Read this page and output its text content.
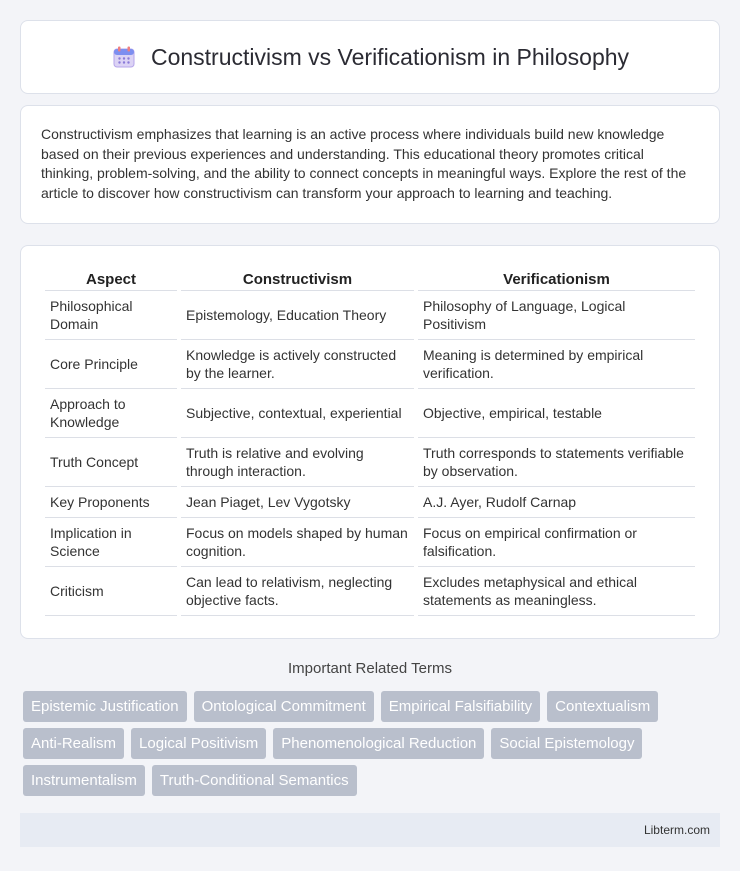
Constructivism vs Verificationism in Philosophy

Constructivism emphasizes that learning is an active process where individuals build new knowledge based on their previous experiences and understanding. This educational theory promotes critical thinking, problem-solving, and the ability to connect concepts in meaningful ways. Explore the rest of the article to discover how constructivism can transform your approach to learning and teaching.

Aspect	Constructivism	Verificationism
Philosophical Domain	Epistemology, Education Theory	Philosophy of Language, Logical Positivism
Core Principle	Knowledge is actively constructed by the learner.	Meaning is determined by empirical verification.
Approach to Knowledge	Subjective, contextual, experiential	Objective, empirical, testable
Truth Concept	Truth is relative and evolving through interaction.	Truth corresponds to statements verifiable by observation.
Key Proponents	Jean Piaget, Lev Vygotsky	A.J. Ayer, Rudolf Carnap
Implication in Science	Focus on models shaped by human cognition.	Focus on empirical confirmation or falsification.
Criticism	Can lead to relativism, neglecting objective facts.	Excludes metaphysical and ethical statements as meaningless.
Important Related Terms
Epistemic Justification	Ontological Commitment	Empirical Falsifiability	Contextualism
Anti-Realism	Logical Positivism	Phenomenological Reduction	Social Epistemology
Instrumentalism	Truth-Conditional Semantics
Libterm.com
